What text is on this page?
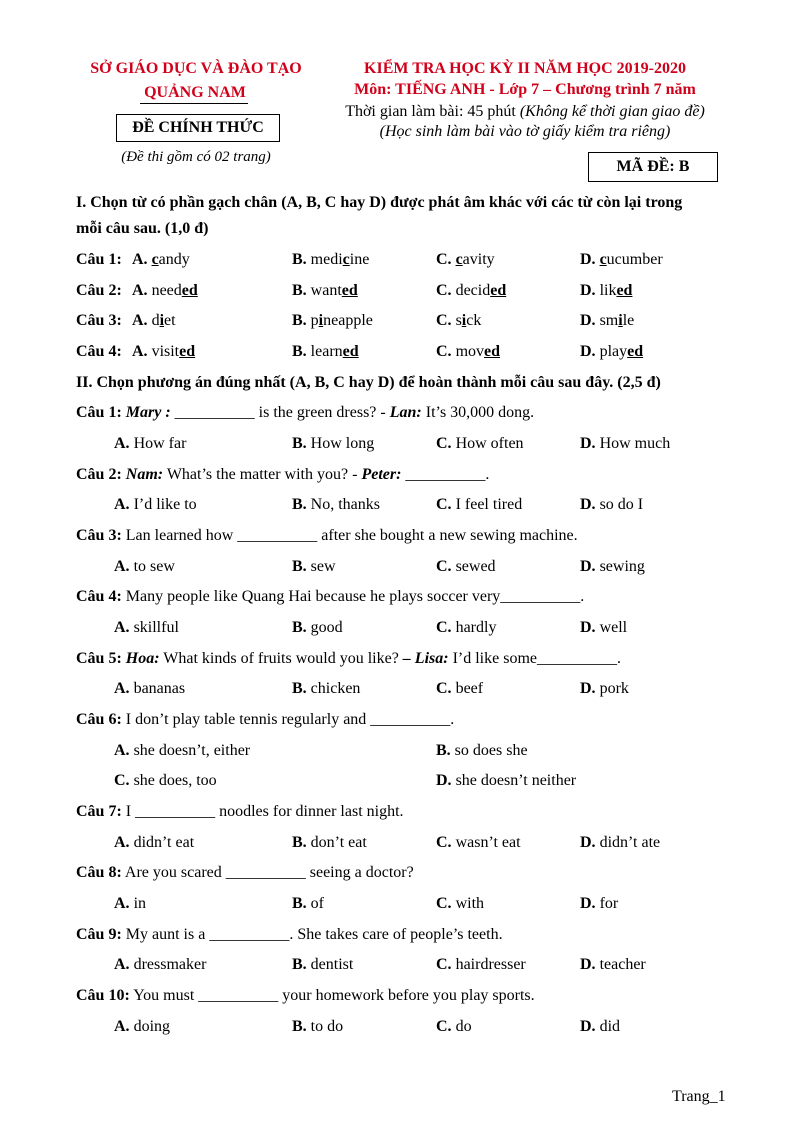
SỞ GIÁO DỤC VÀ ĐÀO TẠO
QUẢNG NAM
ĐỀ CHÍNH THỨC
(Đề thi gồm có 02 trang)
KIỂM TRA HỌC KỲ II NĂM HỌC 2019-2020
Môn: TIẾNG ANH - Lớp 7 – Chương trình 7 năm
Thời gian làm bài: 45 phút (Không kể thời gian giao đề)
(Học sinh làm bài vào tờ giấy kiểm tra riêng)
MÃ ĐỀ: B
I. Chọn từ có phần gạch chân (A, B, C hay D) được phát âm khác với các từ còn lại trong
mỗi câu sau. (1,0 đ)
Câu 1: A. candy	B. medicine	C. cavity	D. cucumber
Câu 2: A. needed	B. wanted	C. decided	D. liked
Câu 3: A. diet	B. pineapple	C. sick	D. smile
Câu 4: A. visited	B. learned	C. moved	D. played
II. Chọn phương án đúng nhất (A, B, C hay D) để hoàn thành mỗi câu sau đây. (2,5 đ)
Câu 1: Mary : __________ is the green dress? - Lan: It’s 30,000 dong.
A. How far	B. How long	C. How often	D. How much
Câu 2: Nam: What’s the matter with you? - Peter: __________.
A. I’d like to	B. No, thanks	C. I feel tired	D. so do I
Câu 3: Lan learned how __________ after she bought a new sewing machine.
A. to sew	B. sew	C. sewed	D. sewing
Câu 4: Many people like Quang Hai because he plays soccer very__________.
A. skillful	B. good	C. hardly	D. well
Câu 5: Hoa: What kinds of fruits would you like? – Lisa: I’d like some__________.
A. bananas	B. chicken	C. beef	D. pork
Câu 6: I don’t play table tennis regularly and __________.
A. she doesn’t, either	B. so does she
C. she does, too	D. she doesn’t neither
Câu 7: I __________ noodles for dinner last night.
A. didn’t eat	B. don’t eat	C. wasn’t eat	D. didn’t ate
Câu 8: Are you scared __________ seeing a doctor?
A. in	B. of	C. with	D. for
Câu 9: My aunt is a __________. She takes care of people’s teeth.
A. dressmaker	B. dentist	C. hairdresser	D. teacher
Câu 10: You must __________ your homework before you play sports.
A. doing	B. to do	C. do	D. did
Trang_1
